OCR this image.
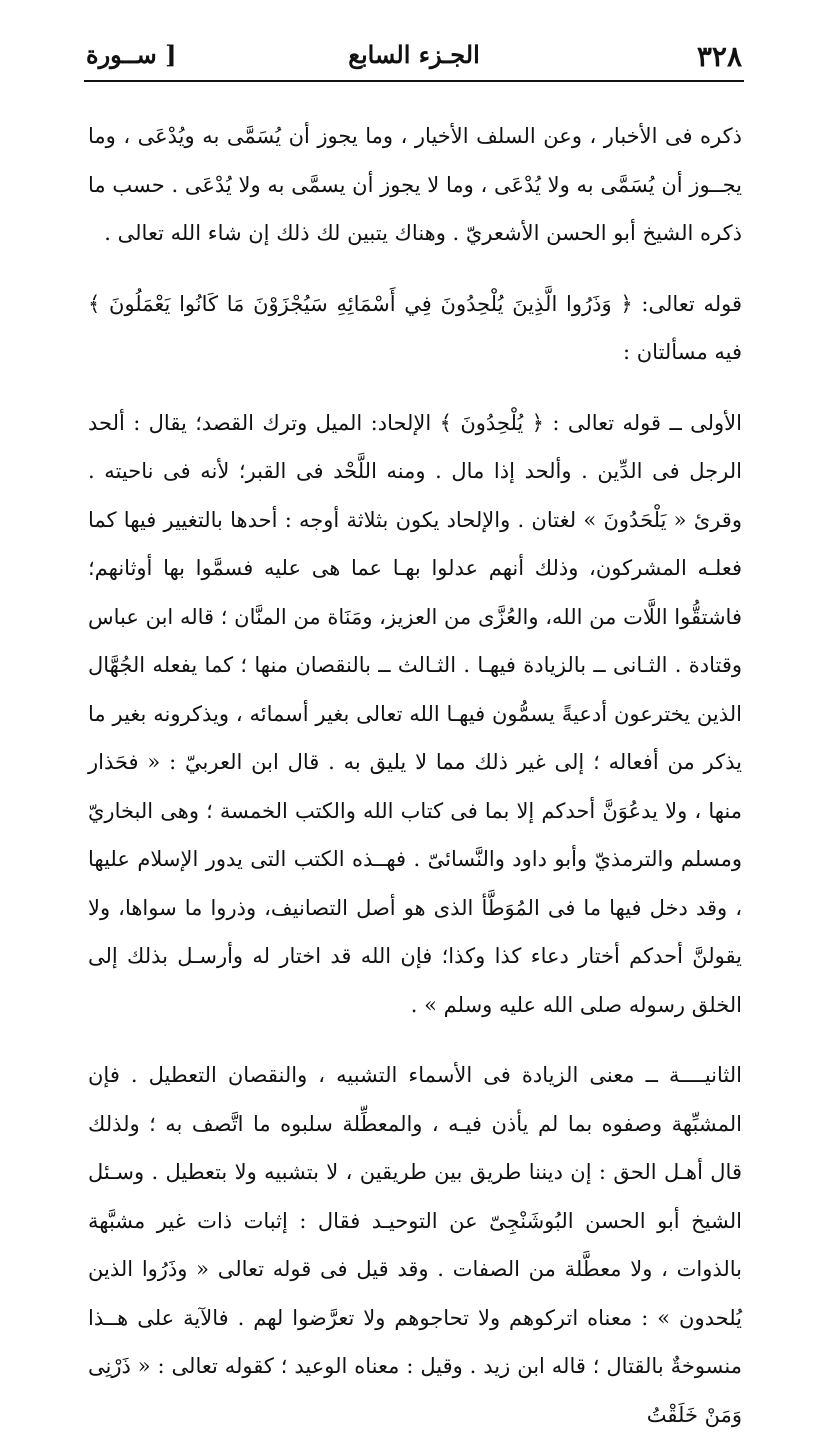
٣٢٨
الجـزء السابع
[ ســورة

ذكره فى الأخبار ، وعن السلف الأخيار ، وما يجوز أن يُسَمَّى به ويُدْعَى ، وما يجــوز أن يُسَمَّى به ولا يُدْعَى ، وما لا يجوز أن يسمَّى به ولا يُدْعَى . حسب ما ذكره الشيخ أبو الحسن الأشعريّ . وهناك يتبين لك ذلك إن شاء الله تعالى .

قوله تعالى: ﴿ وَذَرُوا الَّذِينَ يُلْحِدُونَ فِي أَسْمَائِهِ سَيُجْزَوْنَ مَا كَانُوا يَعْمَلُونَ ﴾ فيه مسألتان :

الأولى ــ قوله تعالى : ﴿ يُلْحِدُونَ ﴾ الإلحاد: الميل وترك القصد؛ يقال : ألحد الرجل فى الدِّين . وألحد إذا مال . ومنه اللَّحْد فى القبر؛ لأنه فى ناحيته . وقرئ « يَلْحَدُونَ » لغتان . والإلحاد يكون بثلاثة أوجه : أحدها بالتغيير فيها كما فعلـه المشركون، وذلك أنهم عدلوا بهـا عما هى عليه فسمَّوا بها أوثانهم؛ فاشتقُّوا اللَّات من الله، والعُزَّى من العزيز، ومَنَاة من المنَّان ؛ قاله ابن عباس وقتادة . الثـانى ــ بالزيادة فيهـا . الثـالث ــ بالنقصان منها ؛ كما يفعله الجُهَّال الذين يخترعون أدعيةً يسمُّون فيهـا الله تعالى بغير أسمائه ، ويذكرونه بغير ما يذكر من أفعاله ؛ إلى غير ذلك مما لا يليق به . قال ابن العربيّ : « فحَذار منها ، ولا يدعُوَنَّ أحدكم إلا بما فى كتاب الله والكتب الخمسة ؛ وهى البخاريّ ومسلم والترمذيّ وأبو داود والنَّسائىّ . فهــذه الكتب التى يدور الإسلام عليها ، وقد دخل فيها ما فى المُوَطَّأ الذى هو أصل التصانيف، وذروا ما سواها، ولا يقولنَّ أحدكم أختار دعاء كذا وكذا؛ فإن الله قد اختار له وأرسـل بذلك إلى الخلق رسوله صلى الله عليه وسلم » .

الثانيــــة ــ معنى الزيادة فى الأسماء التشبيه ، والنقصان التعطيل . فإن المشبِّهة وصفوه بما لم يأذن فيـه ، والمعطِّلة سلبوه ما اتَّصف به ؛ ولذلك قال أهـل الحق : إن ديننا طريق بين طريقين ، لا بتشبيه ولا بتعطيل . وسـئل الشيخ أبو الحسن البُوشَنْجِىّ عن التوحيـد فقال : إثبات ذات غير مشبَّهة بالذوات ، ولا معطَّلة من الصفات . وقد قيل فى قوله تعالى « وذَرُوا الذين يُلحدون » : معناه اتركوهم ولا تحاجوهم ولا تعرَّضوا لهم . فالآية على هــذا منسوخةٌ بالقتال ؛ قاله ابن زيد . وقيل : معناه الوعيد ؛ كقوله تعالى : « ذَرْنِى وَمَنْ خَلَقْتُ
